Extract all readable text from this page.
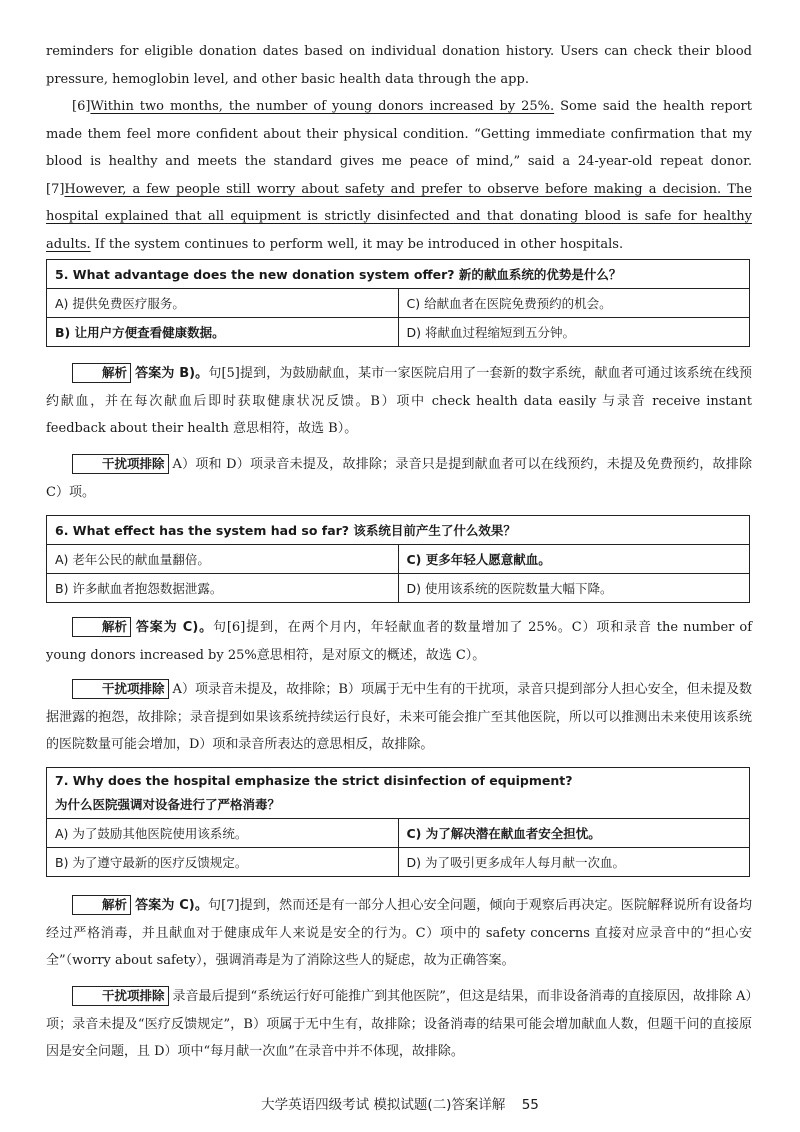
reminders for eligible donation dates based on individual donation history. Users can check their blood pressure, hemoglobin level, and other basic health data through the app.

[6]Within two months, the number of young donors increased by 25%. Some said the health report made them feel more confident about their physical condition. “Getting immediate confirmation that my blood is healthy and meets the standard gives me peace of mind,” said a 24-year-old repeat donor. [7]However, a few people still worry about safety and prefer to observe before making a decision. The hospital explained that all equipment is strictly disinfected and that donating blood is safe for healthy adults. If the system continues to perform well, it may be introduced in other hospitals.

5. What advantage does the new donation system offer? 新的献血系统的优势是什么？	
A) 提供免费医疗服务。	C) 给献血者在医院免费预约的机会。
B) 让用户方便查看健康数据。	D) 将献血过程缩短到五分钟。

解析 答案为 B)。句[5]提到，为鼓励献血，某市一家医院启用了一套新的数字系统，献血者可通过该系统在线预约献血，并在每次献血后即时获取健康状况反馈。B）项中 check health data easily 与录音 receive instant feedback about their health 意思相符，故选 B）。

干扰项排除 A）项和 D）项录音未提及，故排除；录音只是提到献血者可以在线预约，未提及免费预约，故排除 C）项。

6. What effect has the system had so far? 该系统目前产生了什么效果？	
A) 老年公民的献血量翻倍。	C) 更多年轻人愿意献血。
B) 许多献血者抱怨数据泄露。	D) 使用该系统的医院数量大幅下降。

解析 答案为 C)。句[6]提到，在两个月内，年轻献血者的数量增加了 25%。C）项和录音 the number of young donors increased by 25%意思相符，是对原文的概述，故选 C）。

干扰项排除 A）项录音未提及，故排除；B）项属于无中生有的干扰项，录音只提到部分人担心安全，但未提及数据泄露的抱怨，故排除；录音提到如果该系统持续运行良好，未来可能会推广至其他医院，所以可以推测出未来使用该系统的医院数量可能会增加，D）项和录音所表达的意思相反，故排除。

7. Why does the hospital emphasize the strict disinfection of equipment?
为什么医院强调对设备进行了严格消毒？	
A) 为了鼓励其他医院使用该系统。	C) 为了解决潜在献血者安全担忧。
B) 为了遵守最新的医疗反馈规定。	D) 为了吸引更多成年人每月献一次血。

解析 答案为 C)。句[7]提到，然而还是有一部分人担心安全问题，倾向于观察后再决定。医院解释说所有设备均经过严格消毒，并且献血对于健康成年人来说是安全的行为。C）项中的 safety concerns 直接对应录音中的“担心安全”（worry about safety），强调消毒是为了消除这些人的疑虑，故为正确答案。

干扰项排除 录音最后提到“系统运行好可能推广到其他医院”，但这是结果，而非设备消毒的直接原因，故排除 A）项；录音未提及“医疗反馈规定”，B）项属于无中生有，故排除；设备消毒的结果可能会增加献血人数，但题干问的直接原因是安全问题，且 D）项中“每月献一次血”在录音中并不体现，故排除。

大学英语四级考试 模拟试题(二)答案详解 55
